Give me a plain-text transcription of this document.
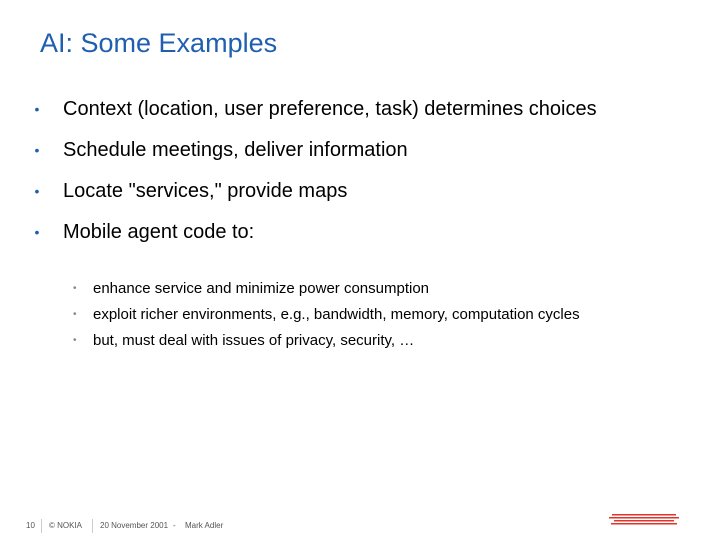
AI: Some Examples
• Context (location, user preference, task) determines choices
• Schedule meetings, deliver information
• Locate "services," provide maps
• Mobile agent code to:
• enhance service and minimize power consumption
• exploit richer environments, e.g., bandwidth, memory, computation cycles
• but, must deal with issues of privacy, security, …
10 © NOKIA 20 November 2001 - Mark Adler
